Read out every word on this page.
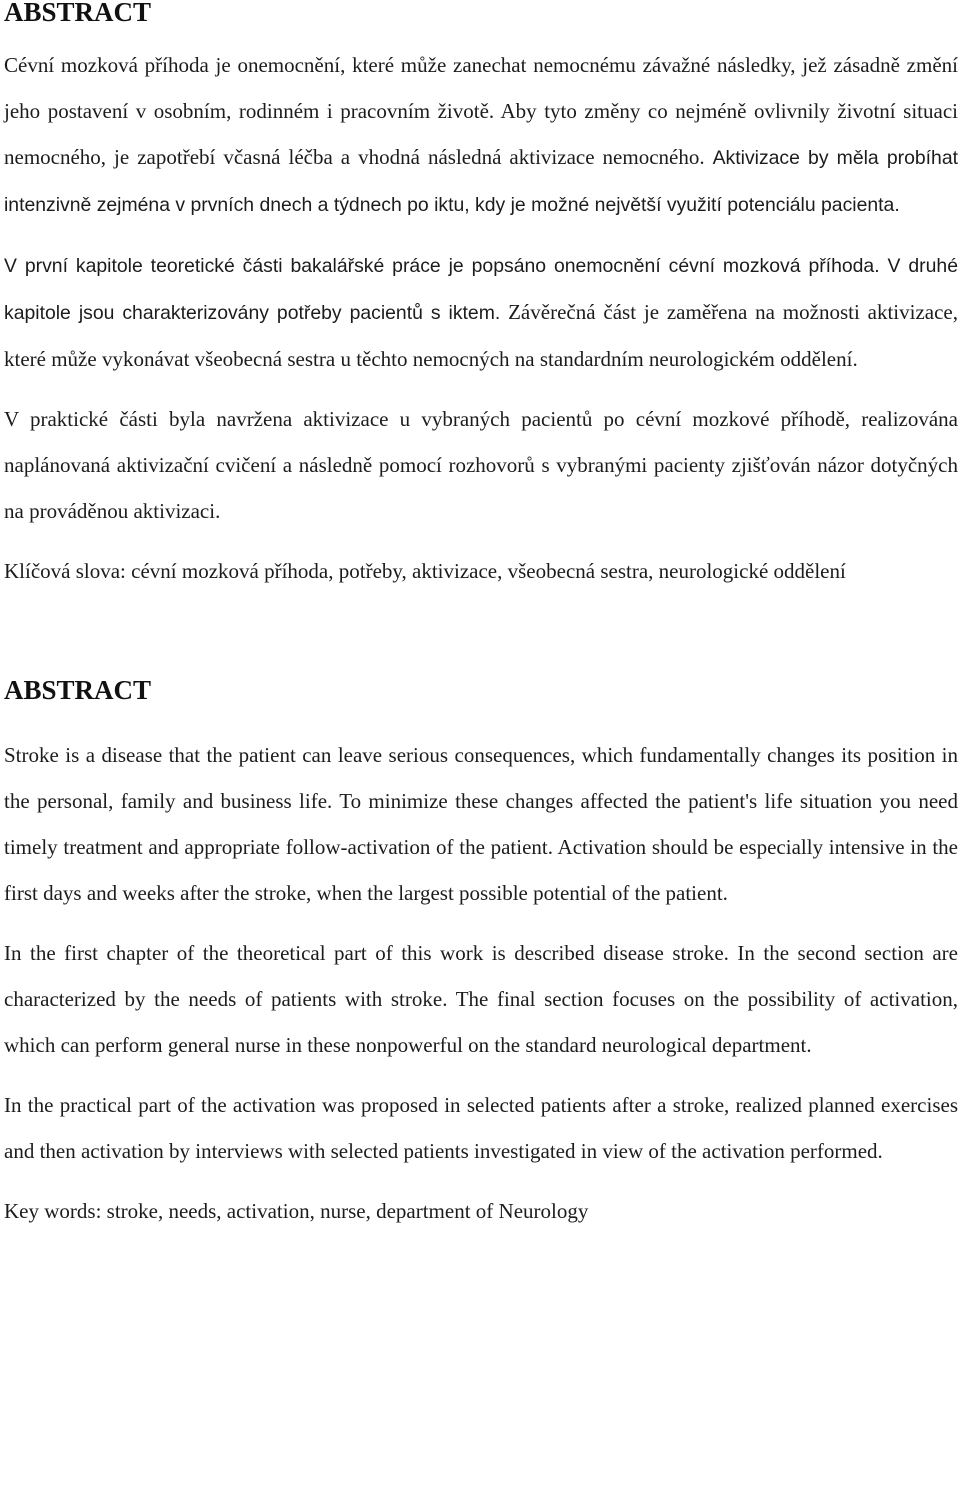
ABSTRACT

Cévní mozková příhoda je onemocnění, které může zanechat nemocnému závažné následky, jež zásadně změní jeho postavení v osobním, rodinném i pracovním životě. Aby tyto změny co nejméně ovlivnily životní situaci nemocného, je zapotřebí včasná léčba a vhodná následná aktivizace nemocného. Aktivizace by měla probíhat intenzivně zejména v prvních dnech a týdnech po iktu, kdy je možné největší využití potenciálu pacienta.

V první kapitole teoretické části bakalářské práce je popsáno onemocnění cévní mozková příhoda. V druhé kapitole jsou charakterizovány potřeby pacientů s iktem. Závěrečná část je zaměřena na možnosti aktivizace, které může vykonávat všeobecná sestra u těchto nemocných na standardním neurologickém oddělení.

V praktické části byla navržena aktivizace u vybraných pacientů po cévní mozkové příhodě, realizována naplánovaná aktivizační cvičení a následně pomocí rozhovorů s vybranými pacienty zjišťován názor dotyčných na prováděnou aktivizaci.

Klíčová slova: cévní mozková příhoda, potřeby, aktivizace, všeobecná sestra, neurologické oddělení

ABSTRACT

Stroke is a disease that the patient can leave serious consequences, which fundamentally changes its position in the personal, family and business life. To minimize these changes affected the patient's life situation you need timely treatment and appropriate follow-activation of the patient. Activation should be especially intensive in the first days and weeks after the stroke, when the largest possible potential of the patient.

In the first chapter of the theoretical part of this work is described disease stroke. In the second section are characterized by the needs of patients with stroke. The final section focuses on the possibility of activation, which can perform general nurse in these nonpowerful on the standard neurological department.

In the practical part of the activation was proposed in selected patients after a stroke, realized planned exercises and then activation by interviews with selected patients investigated in view of the activation performed.

Key words: stroke, needs, activation, nurse, department of Neurology
